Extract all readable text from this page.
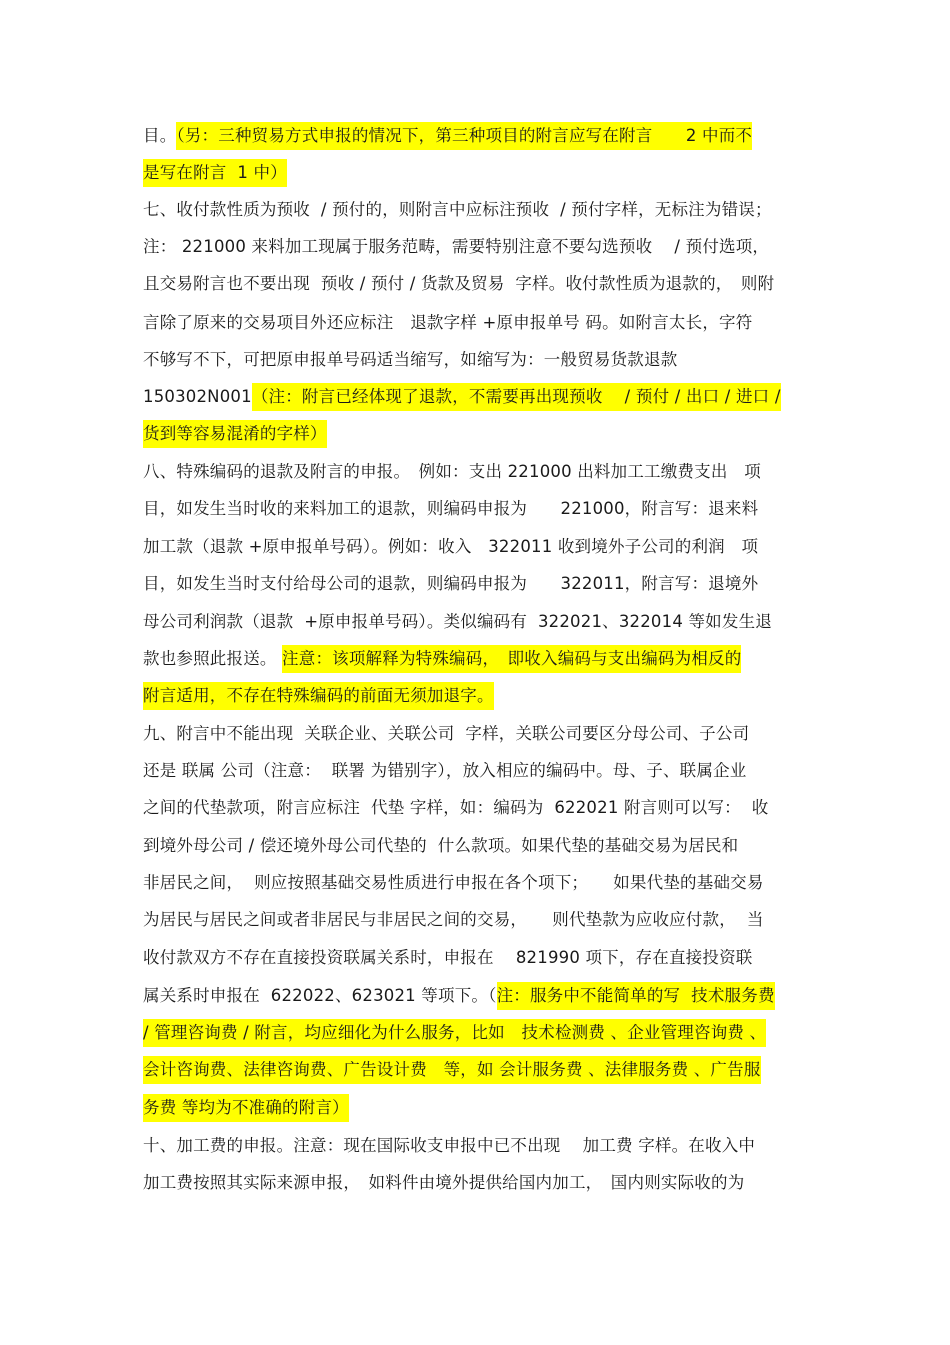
目。（另：三种贸易方式申报的情况下，第三种项目的附言应写在附言　　2 中而不
是写在附言  1 中）
七、收付款性质为预收  / 预付的，则附言中应标注预收  / 预付字样，无标注为错误；
注： 221000 来料加工现属于服务范畴，需要特别注意不要勾选预收　 / 预付选项，
且交易附言也不要出现  预收 / 预付 / 货款及贸易  字样。收付款性质为退款的，　则附
言除了原来的交易项目外还应标注　退款字样 +原申报单号 码。如附言太长，字符
不够写不下，可把原申报单号码适当缩写，如缩写为：一般贸易货款退款
150302N001（注：附言已经体现了退款，不需要再出现预收　 / 预付 / 出口 / 进口 /
货到等容易混淆的字样）
八、特殊编码的退款及附言的申报。　例如：支出 221000 出料加工工缴费支出　项
目，如发生当时收的来料加工的退款，则编码申报为　　221000，附言写：退来料
加工款（退款 +原申报单号码）。例如：收入　322011 收到境外子公司的利润　项
目，如发生当时支付给母公司的退款，则编码申报为　　322011，附言写：退境外
母公司利润款（退款  +原申报单号码）。类似编码有  322021、322014 等如发生退
款也参照此报送。 注意：该项解释为特殊编码，　即收入编码与支出编码为相反的
附言适用，不存在特殊编码的前面无须加退字。
九、附言中不能出现  关联企业、关联公司  字样，关联公司要区分母公司、子公司
还是 联属 公司（注意：  联署 为错别字），放入相应的编码中。母、子、联属企业
之间的代垫款项，附言应标注  代垫 字样，如：编码为  622021 附言则可以写：  收
到境外母公司 / 偿还境外母公司代垫的  什么款项。如果代垫的基础交易为居民和
非居民之间，  则应按照基础交易性质进行申报在各个项下；　　如果代垫的基础交易
为居民与居民之间或者非居民与非居民之间的交易，　　则代垫款为应收应付款，  当
收付款双方不存在直接投资联属关系时，申报在　 821990 项下，存在直接投资联
属关系时申报在  622022、623021 等项下。（注：服务中不能简单的写  技术服务费
/ 管理咨询费 / 附言，均应细化为什么服务，比如　技术检测费 、企业管理咨询费 、
会计咨询费、法律咨询费、广告设计费　等，如 会计服务费 、法律服务费 、广告服
务费 等均为不准确的附言）
十、加工费的申报。注意：现在国际收支申报中已不出现　 加工费 字样。在收入中
加工费按照其实际来源申报，　如料件由境外提供给国内加工，　国内则实际收的为
